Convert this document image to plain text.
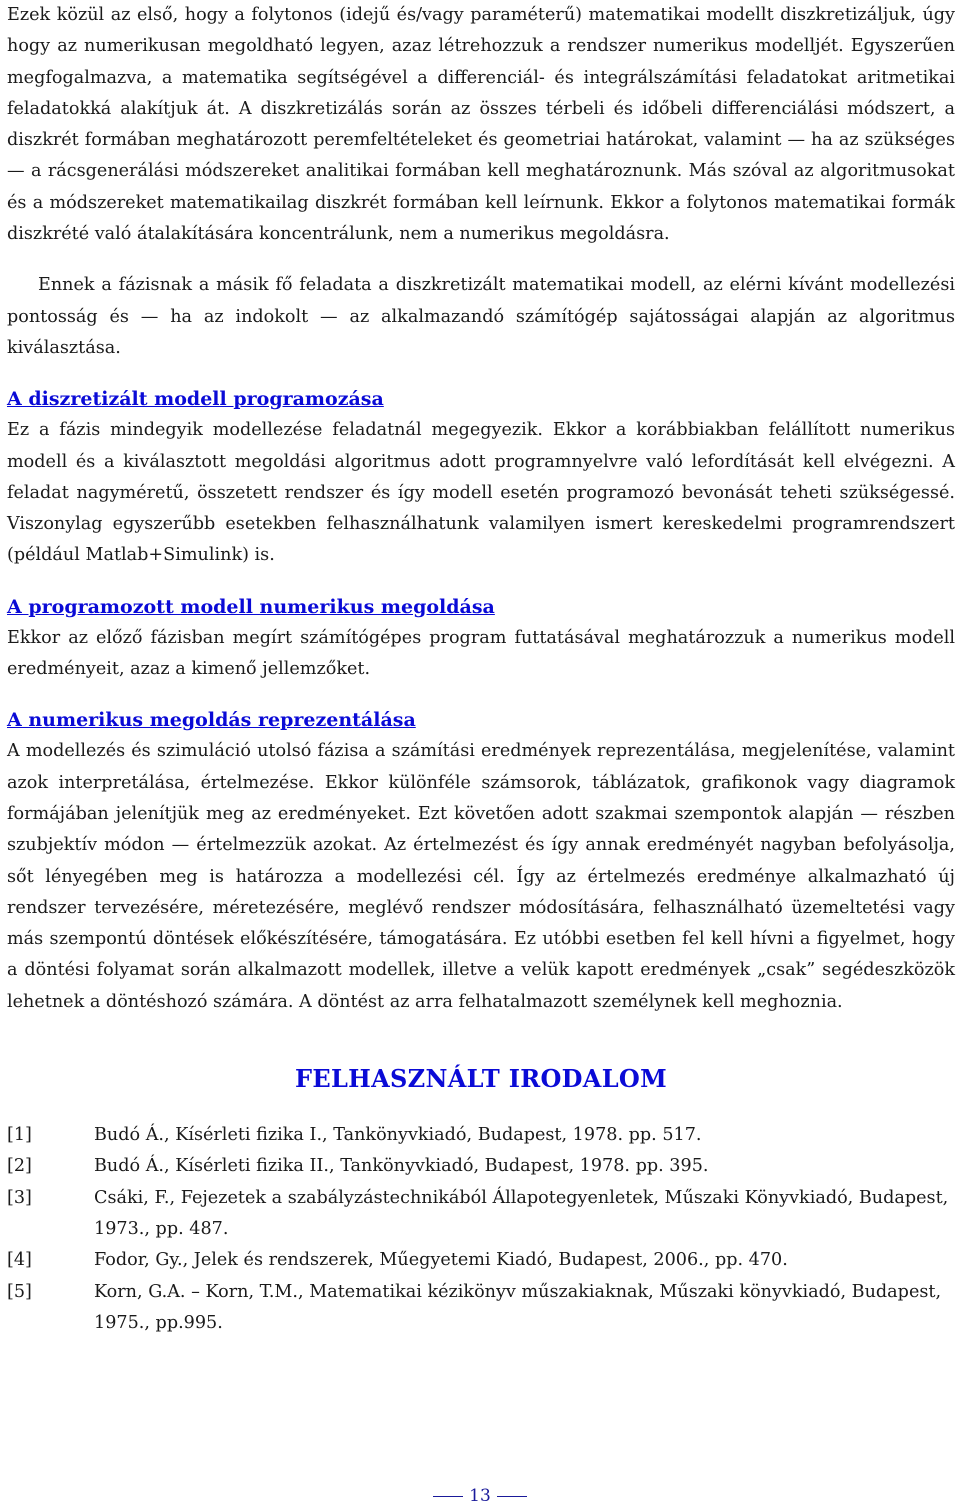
Ezek közül az első, hogy a folytonos (idejű és/vagy paraméterű) matematikai modellt diszkretizáljuk, úgy hogy az numerikusan megoldható legyen, azaz létrehozzuk a rendszer numerikus modelljét. Egyszerűen megfogalmazva, a matematika segítségével a differenciál- és integrálszámítási feladatokat aritmetikai feladatokká alakítjuk át. A diszkretizálás során az összes térbeli és időbeli differenciálási módszert, a diszkrét formában meghatározott peremfeltételeket és geometriai határokat, valamint — ha az szükséges — a rácsgenerálási módszereket analitikai formában kell meghatároznunk. Más szóval az algoritmusokat és a módszereket matematikailag diszkrét formában kell leírnunk. Ekkor a folytonos matematikai formák diszkrété való átalakítására koncentrálunk, nem a numerikus megoldásra.

Ennek a fázisnak a másik fő feladata a diszkretizált matematikai modell, az elérni kívánt modellezési pontosság és — ha az indokolt — az alkalmazandó számítógép sajátosságai alapján az algoritmus kiválasztása.

A diszretizált modell programozása

Ez a fázis mindegyik modellezése feladatnál megegyezik. Ekkor a korábbiakban felállított numerikus modell és a kiválasztott megoldási algoritmus adott programnyelvre való lefordítását kell elvégezni. A feladat nagyméretű, összetett rendszer és így modell esetén programozó bevonását teheti szükségessé. Viszonylag egyszerűbb esetekben felhasználhatunk valamilyen ismert kereskedelmi programrendszert (például Matlab+Simulink) is.

A programozott modell numerikus megoldása

Ekkor az előző fázisban megírt számítógépes program futtatásával meghatározzuk a numerikus modell eredményeit, azaz a kimenő jellemzőket.

A numerikus megoldás reprezentálása

A modellezés és szimuláció utolsó fázisa a számítási eredmények reprezentálása, megjelenítése, valamint azok interpretálása, értelmezése. Ekkor különféle számsorok, táblázatok, grafikonok vagy diagramok formájában jelenítjük meg az eredményeket. Ezt követően adott szakmai szempontok alapján — részben szubjektív módon — értelmezzük azokat. Az értelmezést és így annak eredményét nagyban befolyásolja, sőt lényegében meg is határozza a modellezési cél. Így az értelmezés eredménye alkalmazható új rendszer tervezésére, méretezésére, meglévő rendszer módosítására, felhasználható üzemeltetési vagy más szempontú döntések előkészítésére, támogatására. Ez utóbbi esetben fel kell hívni a figyelmet, hogy a döntési folyamat során alkalmazott modellek, illetve a velük kapott eredmények „csak” segédeszközök lehetnek a döntéshozó számára. A döntést az arra felhatalmazott személynek kell meghoznia.

FELHASZNÁLT IRODALOM
[1]	Budó Á., Kísérleti fizika I., Tankönyvkiadó, Budapest, 1978. pp. 517.
[2]	Budó Á., Kísérleti fizika II., Tankönyvkiadó, Budapest, 1978. pp. 395.
[3]	Csáki, F., Fejezetek a szabályzástechnikából Állapotegyenletek, Műszaki Könyvkiadó, Budapest, 1973., pp. 487.
[4]	Fodor, Gy., Jelek és rendszerek, Műegyetemi Kiadó, Budapest, 2006., pp. 470.
[5]	Korn, G.A. – Korn, T.M., Matematikai kézikönyv műszakiaknak, Műszaki könyvkiadó, Budapest, 1975., pp.995.
13
